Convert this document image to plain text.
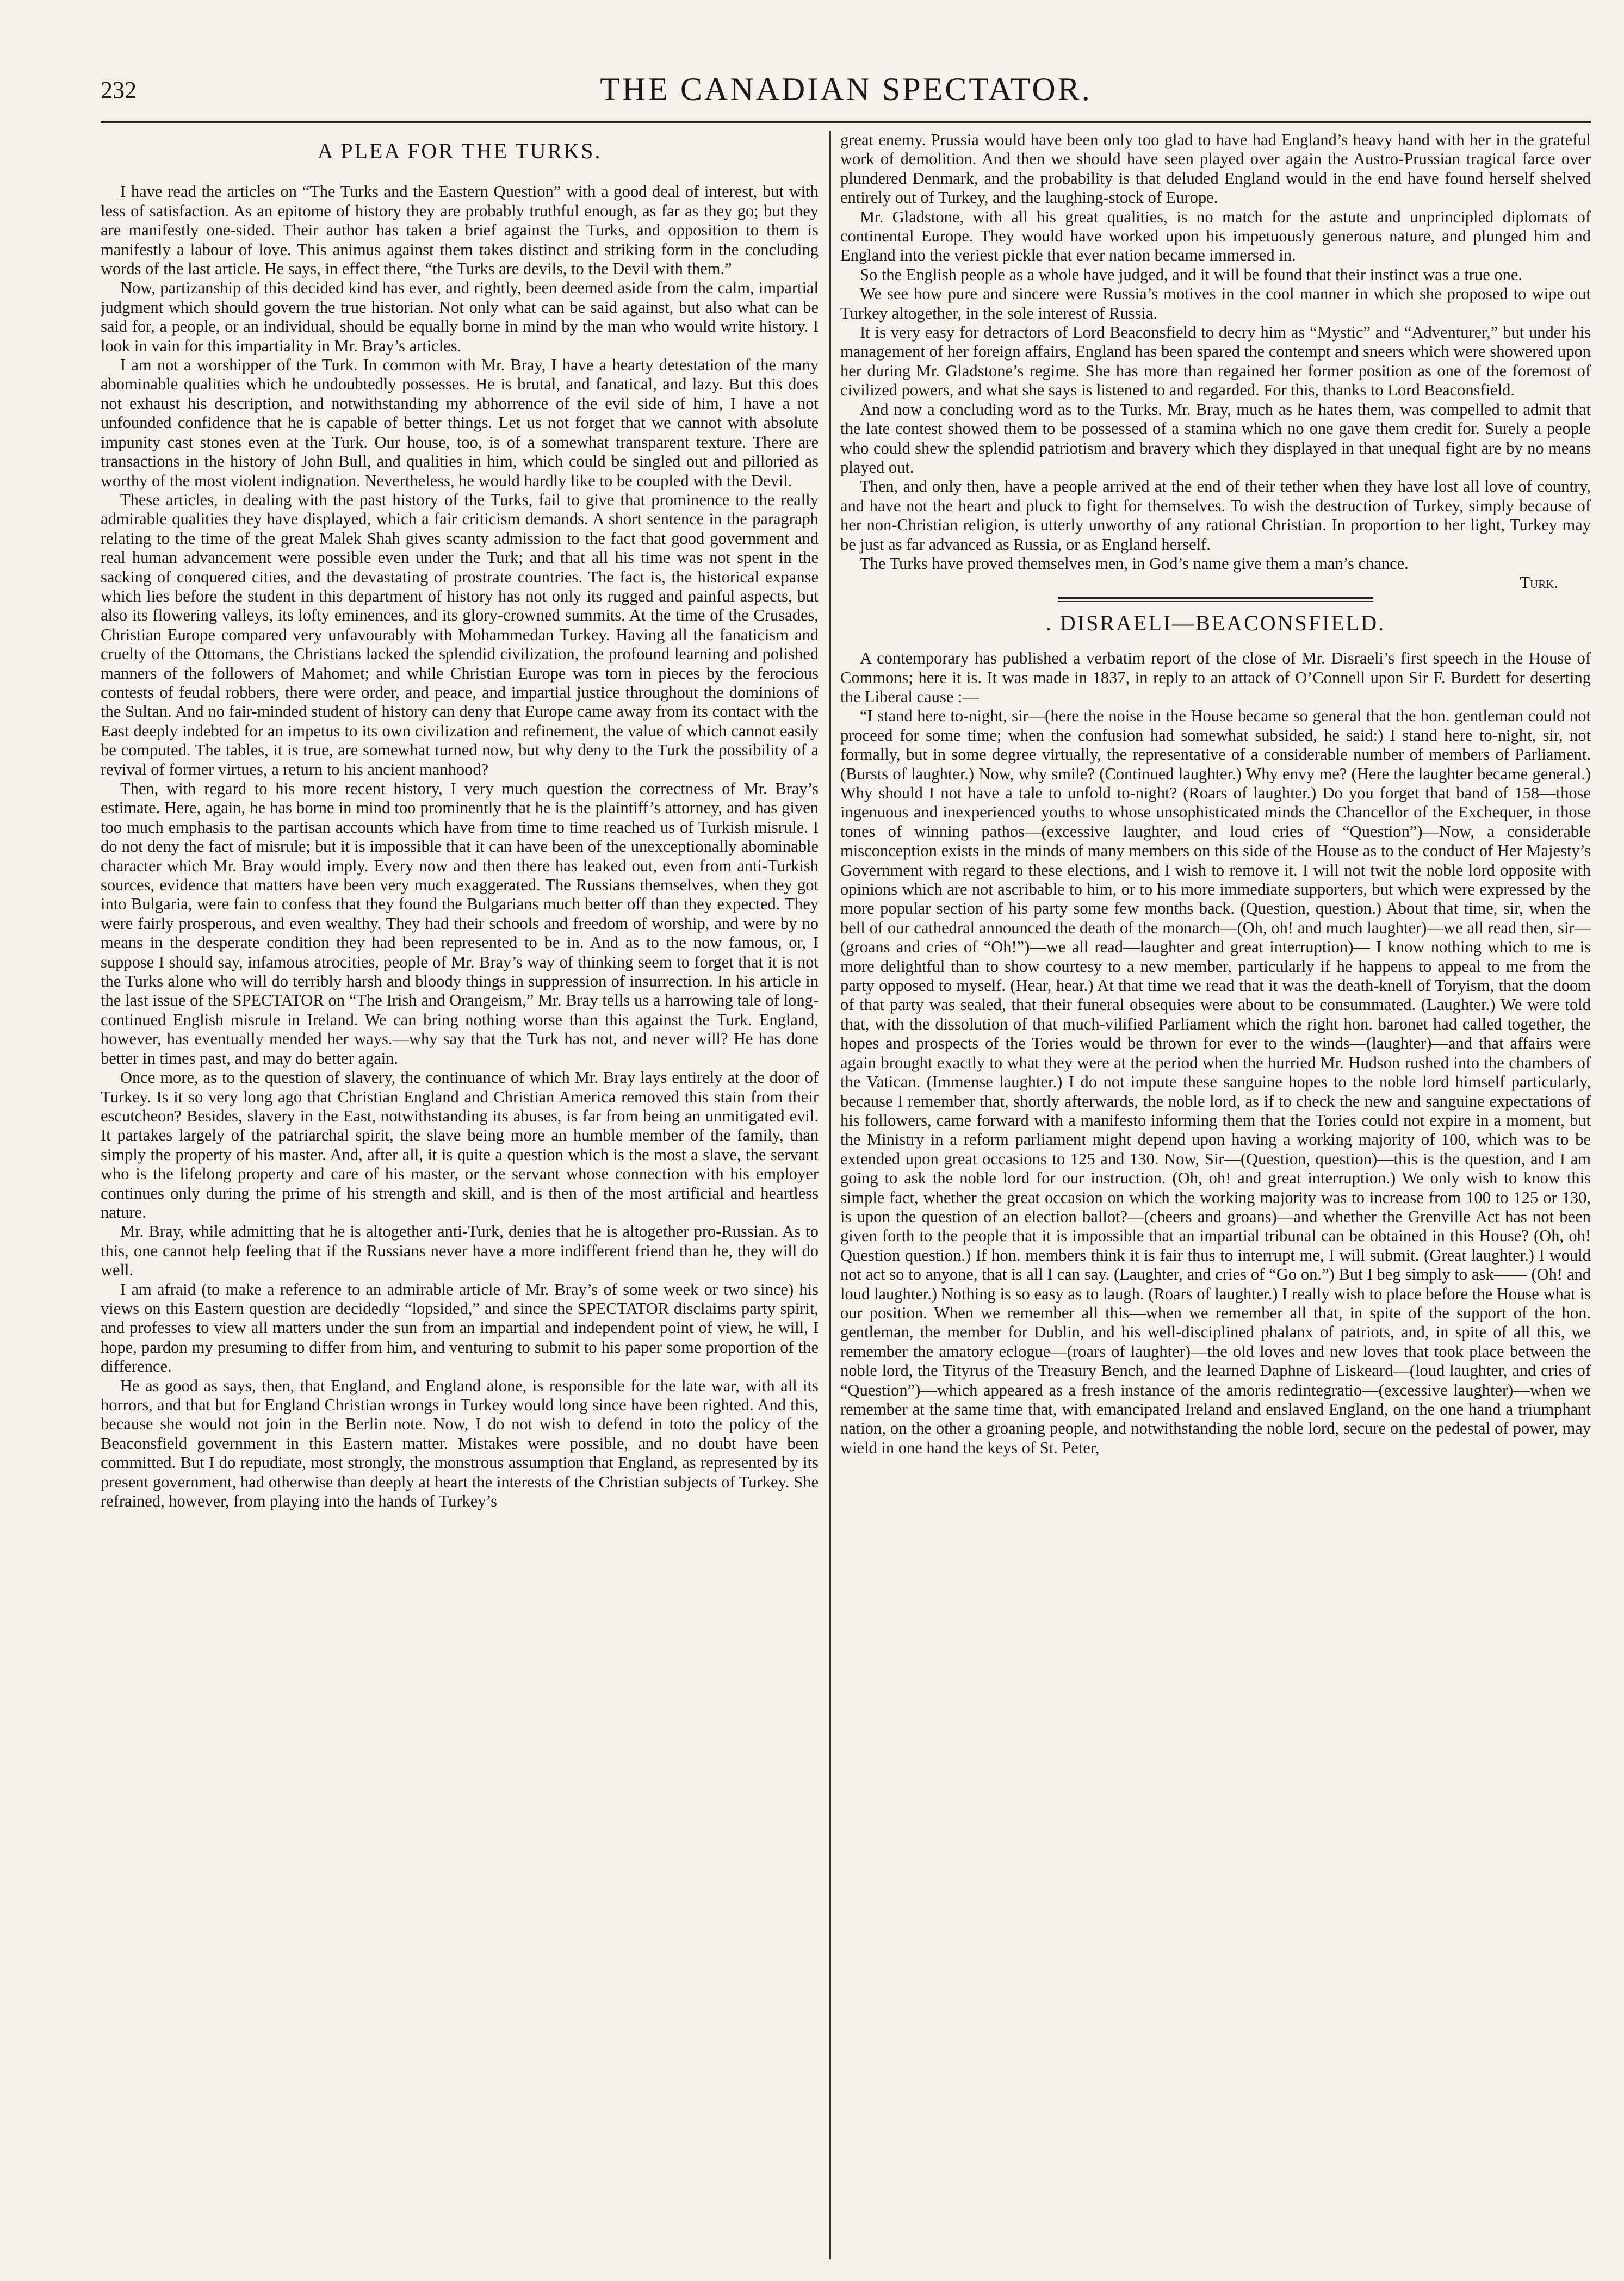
232	THE CANADIAN SPECTATOR.
A PLEA FOR THE TURKS.

I have read the articles on “The Turks and the Eastern Question” with a good deal of interest, but with less of satisfaction. As an epitome of history they are probably truthful enough, as far as they go; but they are manifestly one-sided. Their author has taken a brief against the Turks, and opposition to them is manifestly a labour of love. This animus against them takes distinct and striking form in the concluding words of the last article. He says, in effect there, “the Turks are devils, to the Devil with them.”

Now, partizanship of this decided kind has ever, and rightly, been deemed aside from the calm, impartial judgment which should govern the true historian. Not only what can be said against, but also what can be said for, a people, or an individual, should be equally borne in mind by the man who would write history. I look in vain for this impartiality in Mr. Bray’s articles.

I am not a worshipper of the Turk. In common with Mr. Bray, I have a hearty detestation of the many abominable qualities which he undoubtedly possesses. He is brutal, and fanatical, and lazy. But this does not exhaust his description, and notwithstanding my abhorrence of the evil side of him, I have a not unfounded confidence that he is capable of better things. Let us not forget that we cannot with absolute impunity cast stones even at the Turk. Our house, too, is of a somewhat transparent texture. There are transactions in the history of John Bull, and qualities in him, which could be singled out and pilloried as worthy of the most violent indignation. Nevertheless, he would hardly like to be coupled with the Devil.

These articles, in dealing with the past history of the Turks, fail to give that prominence to the really admirable qualities they have displayed, which a fair criticism demands. A short sentence in the paragraph relating to the time of the great Malek Shah gives scanty admission to the fact that good government and real human advancement were possible even under the Turk; and that all his time was not spent in the sacking of conquered cities, and the devastating of prostrate countries. The fact is, the historical expanse which lies before the student in this department of history has not only its rugged and painful aspects, but also its flowering valleys, its lofty eminences, and its glory-crowned summits. At the time of the Crusades, Christian Europe compared very unfavourably with Mohammedan Turkey. Having all the fanaticism and cruelty of the Ottomans, the Christians lacked the splendid civilization, the profound learning and polished manners of the followers of Mahomet; and while Christian Europe was torn in pieces by the ferocious contests of feudal robbers, there were order, and peace, and impartial justice throughout the dominions of the Sultan. And no fair-minded student of history can deny that Europe came away from its contact with the East deeply indebted for an impetus to its own civilization and refinement, the value of which cannot easily be computed. The tables, it is true, are somewhat turned now, but why deny to the Turk the possibility of a revival of former virtues, a return to his ancient manhood?

Then, with regard to his more recent history, I very much question the correctness of Mr. Bray’s estimate. Here, again, he has borne in mind too prominently that he is the plaintiff’s attorney, and has given too much emphasis to the partisan accounts which have from time to time reached us of Turkish misrule. I do not deny the fact of misrule; but it is impossible that it can have been of the unexceptionally abominable character which Mr. Bray would imply. Every now and then there has leaked out, even from anti-Turkish sources, evidence that matters have been very much exaggerated. The Russians themselves, when they got into Bulgaria, were fain to confess that they found the Bulgarians much better off than they expected. They were fairly prosperous, and even wealthy. They had their schools and freedom of worship, and were by no means in the desperate condition they had been represented to be in. And as to the now famous, or, I suppose I should say, infamous atrocities, people of Mr. Bray’s way of thinking seem to forget that it is not the Turks alone who will do terribly harsh and bloody things in suppression of insurrection. In his article in the last issue of the SPECTATOR on “The Irish and Orangeism,” Mr. Bray tells us a harrowing tale of long-continued English misrule in Ireland. We can bring nothing worse than this against the Turk. England, however, has eventually mended her ways.—why say that the Turk has not, and never will? He has done better in times past, and may do better again.

Once more, as to the question of slavery, the continuance of which Mr. Bray lays entirely at the door of Turkey. Is it so very long ago that Christian England and Christian America removed this stain from their escutcheon? Besides, slavery in the East, notwithstanding its abuses, is far from being an unmitigated evil. It partakes largely of the patriarchal spirit, the slave being more an humble member of the family, than simply the property of his master. And, after all, it is quite a question which is the most a slave, the servant who is the lifelong property and care of his master, or the servant whose connection with his employer continues only during the prime of his strength and skill, and is then of the most artificial and heartless nature.

Mr. Bray, while admitting that he is altogether anti-Turk, denies that he is altogether pro-Russian. As to this, one cannot help feeling that if the Russians never have a more indifferent friend than he, they will do well.

I am afraid (to make a reference to an admirable article of Mr. Bray’s of some week or two since) his views on this Eastern question are decidedly “lopsided,” and since the SPECTATOR disclaims party spirit, and professes to view all matters under the sun from an impartial and independent point of view, he will, I hope, pardon my presuming to differ from him, and venturing to submit to his paper some proportion of the difference.

He as good as says, then, that England, and England alone, is responsible for the late war, with all its horrors, and that but for England Christian wrongs in Turkey would long since have been righted. And this, because she would not join in the Berlin note. Now, I do not wish to defend in toto the policy of the Beaconsfield government in this Eastern matter. Mistakes were possible, and no doubt have been committed. But I do repudiate, most strongly, the monstrous assumption that England, as represented by its present government, had otherwise than deeply at heart the interests of the Christian subjects of Turkey. She refrained, however, from playing into the hands of Turkey’s

great enemy. Prussia would have been only too glad to have had England’s heavy hand with her in the grateful work of demolition. And then we should have seen played over again the Austro-Prussian tragical farce over plundered Denmark, and the probability is that deluded England would in the end have found herself shelved entirely out of Turkey, and the laughing-stock of Europe.

Mr. Gladstone, with all his great qualities, is no match for the astute and unprincipled diplomats of continental Europe. They would have worked upon his impetuously generous nature, and plunged him and England into the veriest pickle that ever nation became immersed in.

So the English people as a whole have judged, and it will be found that their instinct was a true one.

We see how pure and sincere were Russia’s motives in the cool manner in which she proposed to wipe out Turkey altogether, in the sole interest of Russia.

It is very easy for detractors of Lord Beaconsfield to decry him as “Mystic” and “Adventurer,” but under his management of her foreign affairs, England has been spared the contempt and sneers which were showered upon her during Mr. Gladstone’s regime. She has more than regained her former position as one of the foremost of civilized powers, and what she says is listened to and regarded. For this, thanks to Lord Beaconsfield.

And now a concluding word as to the Turks. Mr. Bray, much as he hates them, was compelled to admit that the late contest showed them to be possessed of a stamina which no one gave them credit for. Surely a people who could shew the splendid patriotism and bravery which they displayed in that unequal fight are by no means played out.

Then, and only then, have a people arrived at the end of their tether when they have lost all love of country, and have not the heart and pluck to fight for themselves. To wish the destruction of Turkey, simply because of her non-Christian religion, is utterly unworthy of any rational Christian. In proportion to her light, Turkey may be just as far advanced as Russia, or as England herself.

The Turks have proved themselves men, in God’s name give them a man’s chance.

Turk.

. DISRAELI—BEACONSFIELD.

A contemporary has published a verbatim report of the close of Mr. Disraeli’s first speech in the House of Commons; here it is. It was made in 1837, in reply to an attack of O’Connell upon Sir F. Burdett for deserting the Liberal cause :—

“I stand here to-night, sir—(here the noise in the House became so general that the hon. gentleman could not proceed for some time; when the confusion had somewhat subsided, he said:) I stand here to-night, sir, not formally, but in some degree virtually, the representative of a considerable number of members of Parliament. (Bursts of laughter.) Now, why smile? (Continued laughter.) Why envy me? (Here the laughter became general.) Why should I not have a tale to unfold to-night? (Roars of laughter.) Do you forget that band of 158—those ingenuous and inexperienced youths to whose unsophisticated minds the Chancellor of the Exchequer, in those tones of winning pathos—(excessive laughter, and loud cries of “Question”)—Now, a considerable misconception exists in the minds of many members on this side of the House as to the conduct of Her Majesty’s Government with regard to these elections, and I wish to remove it. I will not twit the noble lord opposite with opinions which are not ascribable to him, or to his more immediate supporters, but which were expressed by the more popular section of his party some few months back. (Question, question.) About that time, sir, when the bell of our cathedral announced the death of the monarch—(Oh, oh! and much laughter)—we all read then, sir—(groans and cries of “Oh!”)—we all read—laughter and great interruption)— I know nothing which to me is more delightful than to show courtesy to a new member, particularly if he happens to appeal to me from the party opposed to myself. (Hear, hear.) At that time we read that it was the death-knell of Toryism, that the doom of that party was sealed, that their funeral obsequies were about to be consummated. (Laughter.) We were told that, with the dissolution of that much-vilified Parliament which the right hon. baronet had called together, the hopes and prospects of the Tories would be thrown for ever to the winds—(laughter)—and that affairs were again brought exactly to what they were at the period when the hurried Mr. Hudson rushed into the chambers of the Vatican. (Immense laughter.) I do not impute these sanguine hopes to the noble lord himself particularly, because I remember that, shortly afterwards, the noble lord, as if to check the new and sanguine expectations of his followers, came forward with a manifesto informing them that the Tories could not expire in a moment, but the Ministry in a reform parliament might depend upon having a working majority of 100, which was to be extended upon great occasions to 125 and 130. Now, Sir—(Question, question)—this is the question, and I am going to ask the noble lord for our instruction. (Oh, oh! and great interruption.) We only wish to know this simple fact, whether the great occasion on which the working majority was to increase from 100 to 125 or 130, is upon the question of an election ballot?—(cheers and groans)—and whether the Grenville Act has not been given forth to the people that it is impossible that an impartial tribunal can be obtained in this House? (Oh, oh! Question question.) If hon. members think it is fair thus to interrupt me, I will submit. (Great laughter.) I would not act so to anyone, that is all I can say. (Laughter, and cries of “Go on.”) But I beg simply to ask—— (Oh! and loud laughter.) Nothing is so easy as to laugh. (Roars of laughter.) I really wish to place before the House what is our position. When we remember all this—when we remember all that, in spite of the support of the hon. gentleman, the member for Dublin, and his well-disciplined phalanx of patriots, and, in spite of all this, we remember the amatory eclogue—(roars of laughter)—the old loves and new loves that took place between the noble lord, the Tityrus of the Treasury Bench, and the learned Daphne of Liskeard—(loud laughter, and cries of “Question”)—which appeared as a fresh instance of the amoris redintegratio—(excessive laughter)—when we remember at the same time that, with emancipated Ireland and enslaved England, on the one hand a triumphant nation, on the other a groaning people, and notwithstanding the noble lord, secure on the pedestal of power, may wield in one hand the keys of St. Peter,
